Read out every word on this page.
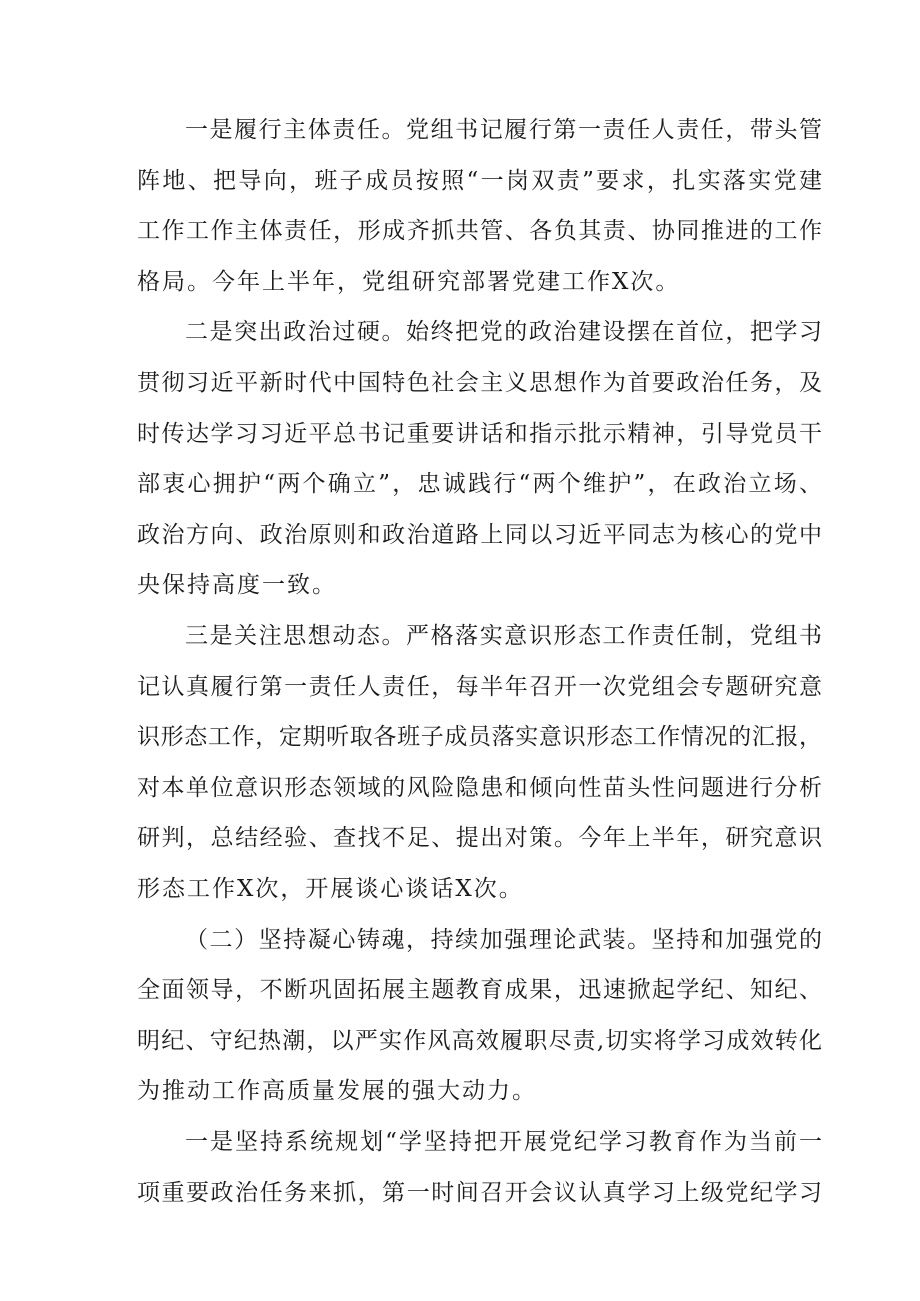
一是履行主体责任。党组书记履行第一责任人责任，带头管
阵地、把导向，班子成员按照“一岗双责”要求，扎实落实党建
工作工作主体责任，形成齐抓共管、各负其责、协同推进的工作
格局。今年上半年，党组研究部署党建工作X次。
二是突出政治过硬。始终把党的政治建设摆在首位，把学习
贯彻习近平新时代中国特色社会主义思想作为首要政治任务，及
时传达学习习近平总书记重要讲话和指示批示精神，引导党员干
部衷心拥护“两个确立”，忠诚践行“两个维护”，在政治立场、
政治方向、政治原则和政治道路上同以习近平同志为核心的党中
央保持高度一致。
三是关注思想动态。严格落实意识形态工作责任制，党组书
记认真履行第一责任人责任，每半年召开一次党组会专题研究意
识形态工作，定期听取各班子成员落实意识形态工作情况的汇报，
对本单位意识形态领域的风险隐患和倾向性苗头性问题进行分析
研判，总结经验、查找不足、提出对策。今年上半年，研究意识
形态工作X次，开展谈心谈话X次。
（二）坚持凝心铸魂，持续加强理论武装。坚持和加强党的
全面领导，不断巩固拓展主题教育成果，迅速掀起学纪、知纪、
明纪、守纪热潮，以严实作风高效履职尽责,切实将学习成效转化
为推动工作高质量发展的强大动力。
一是坚持系统规划“学坚持把开展党纪学习教育作为当前一
项重要政治任务来抓，第一时间召开会议认真学习上级党纪学习
